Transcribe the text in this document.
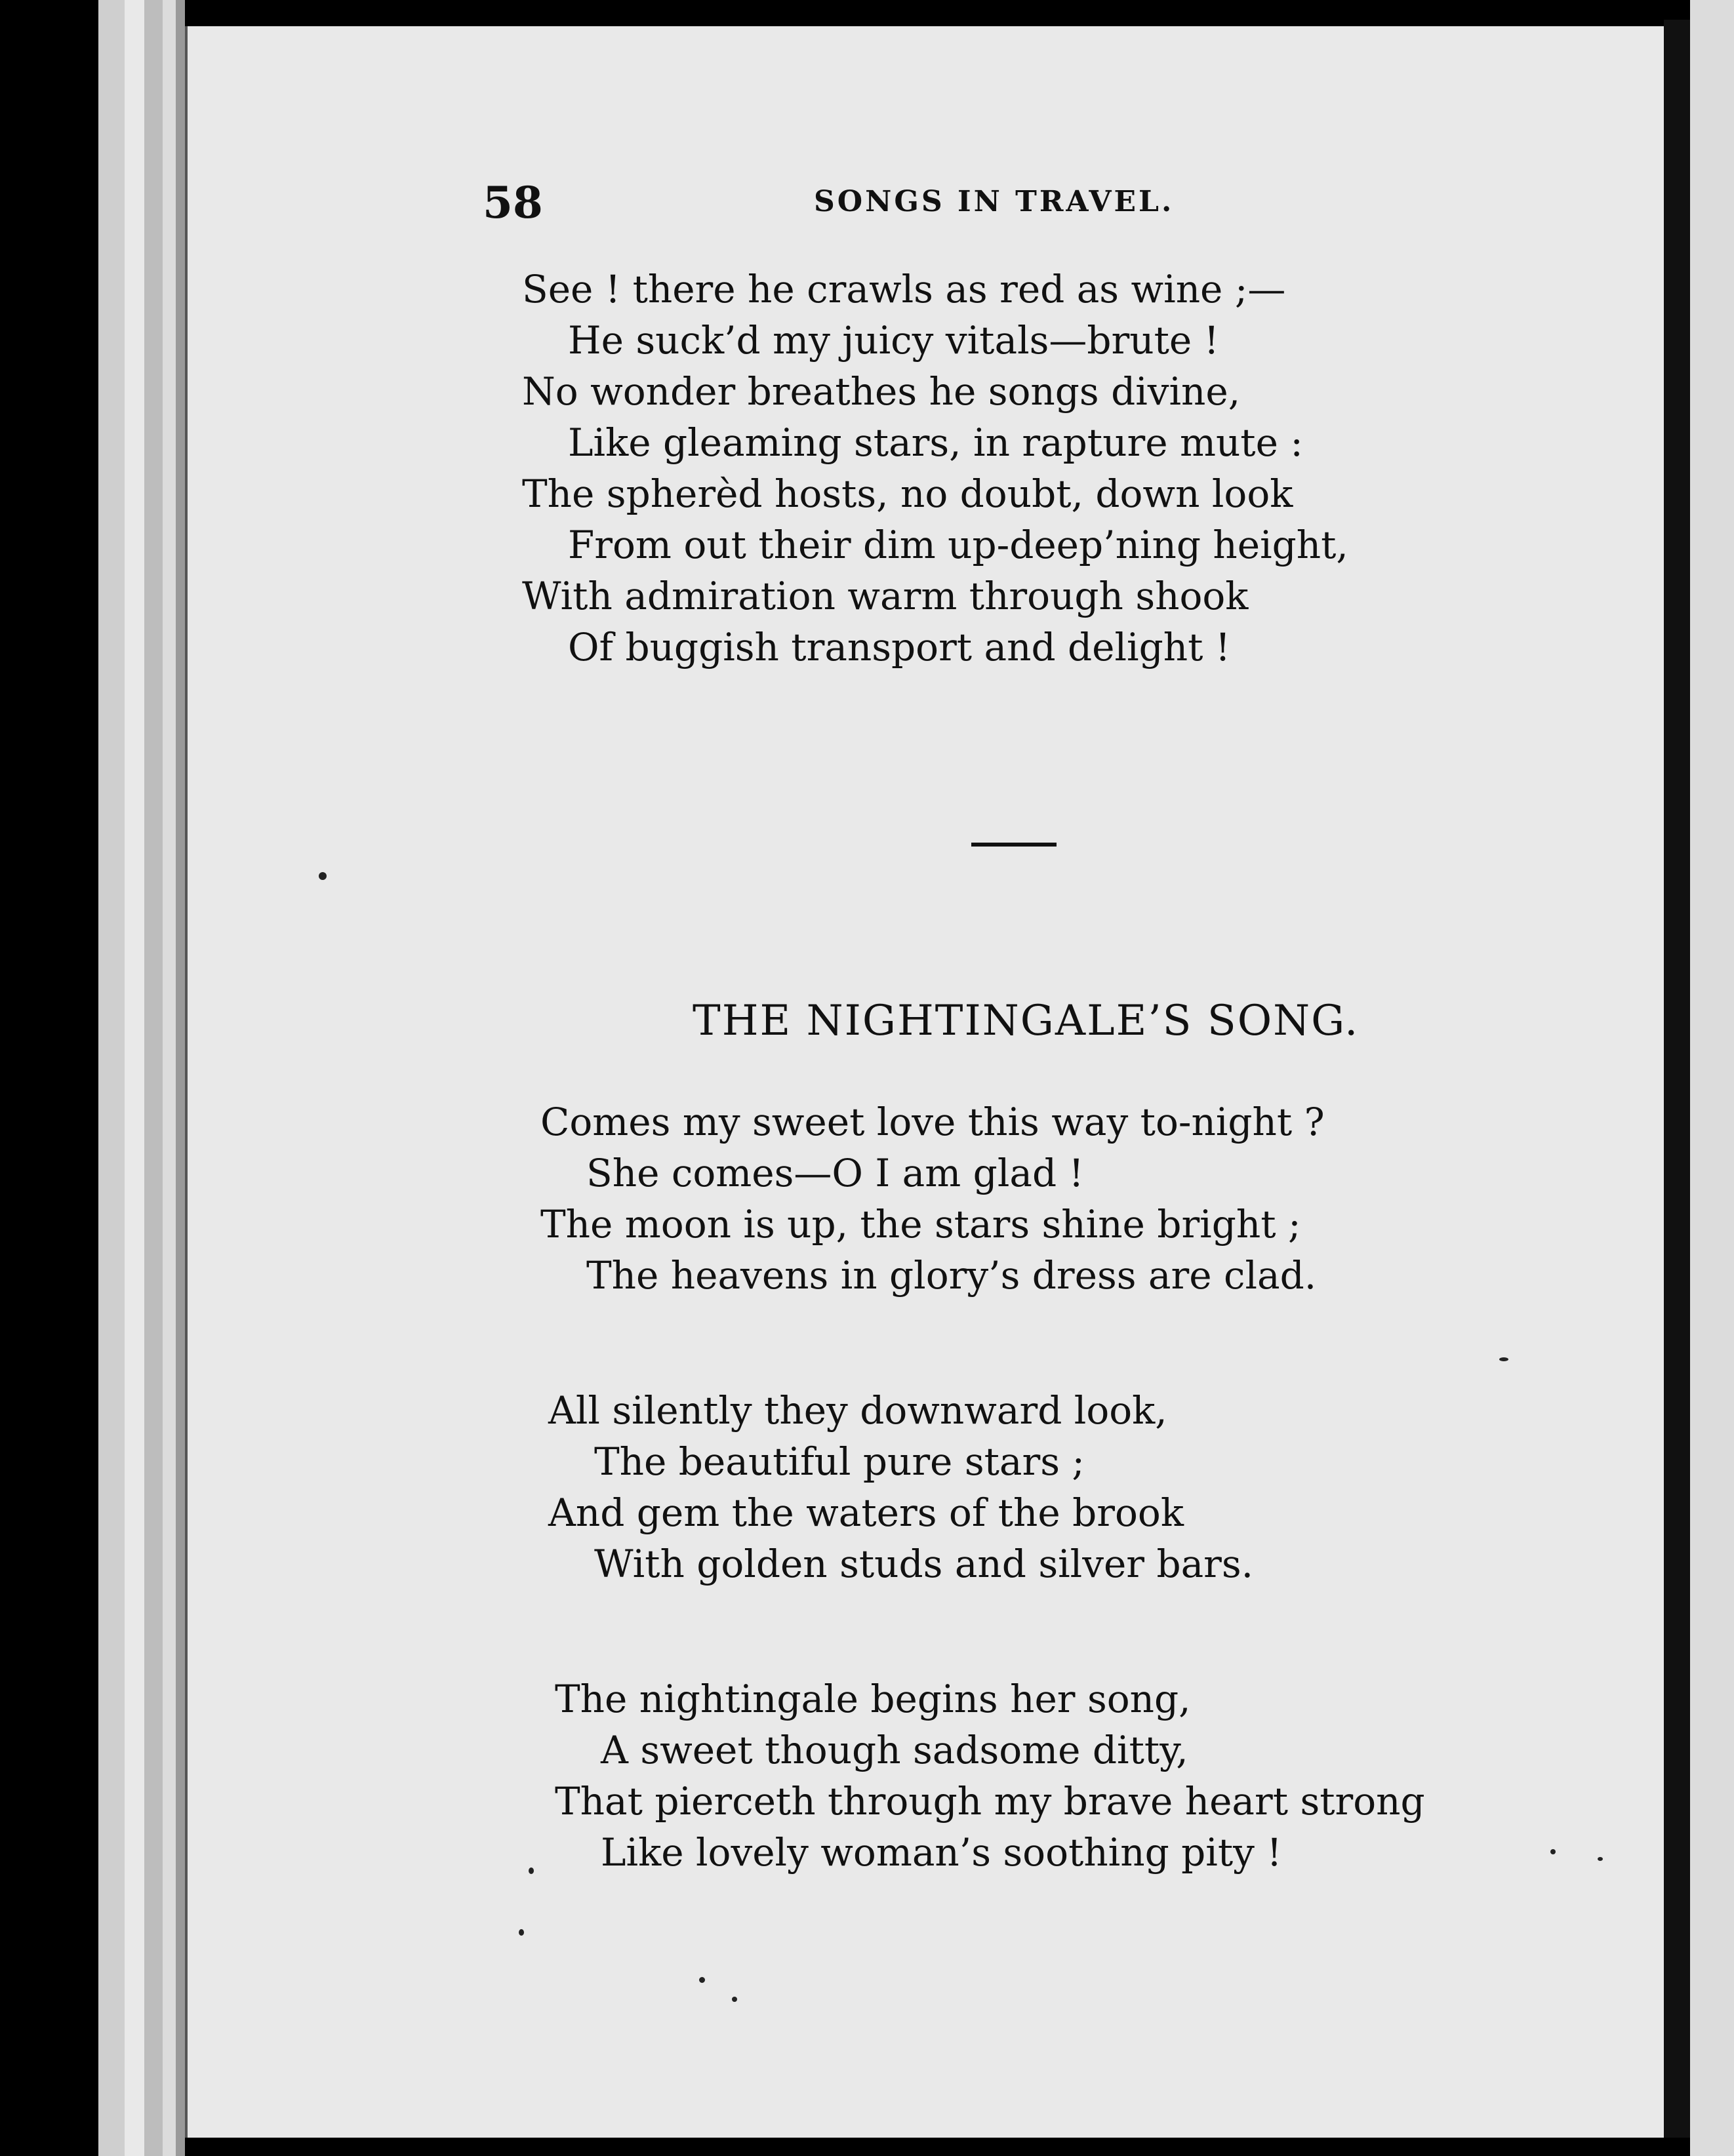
58	SONGS IN TRAVEL.
See ! there he crawls as red as wine ;—
He suck’d my juicy vitals—brute !
No wonder breathes he songs divine,
Like gleaming stars, in rapture mute :
The spherèd hosts, no doubt, down look
From out their dim up-deep’ning height,
With admiration warm through shook
Of buggish transport and delight !
THE NIGHTINGALE’S SONG.
Comes my sweet love this way to-night ?
She comes—O I am glad !
The moon is up, the stars shine bright ;
The heavens in glory’s dress are clad.
All silently they downward look,
The beautiful pure stars ;
And gem the waters of the brook
With golden studs and silver bars.
The nightingale begins her song,
A sweet though sadsome ditty,
That pierceth through my brave heart strong
Like lovely woman’s soothing pity !
